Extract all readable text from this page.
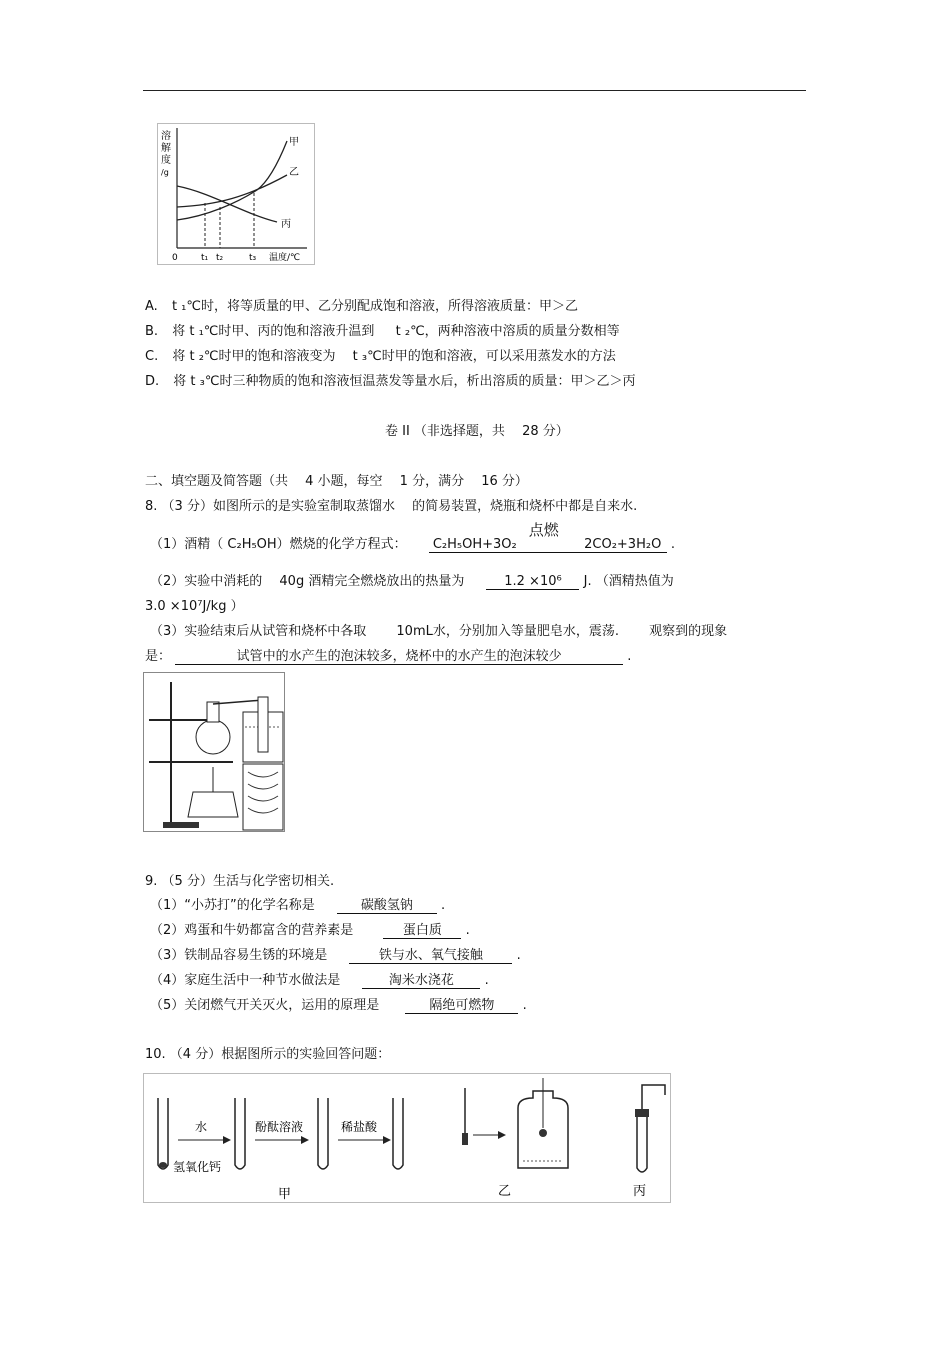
溶
解
度
/g
甲
乙
丙
0	t₁ t₂	t₃ 温度/℃
A. t ₁℃时，将等质量的甲、乙分别配成饱和溶液，所得溶液质量：甲＞乙
B. 将 t ₁℃时甲、丙的饱和溶液升温到 　 t ₂℃，两种溶液中溶质的质量分数相等
C. 将 t ₂℃时甲的饱和溶液变为 　t ₃℃时甲的饱和溶液，可以采用蒸发水的方法
D. 将 t ₃℃时三种物质的饱和溶液恒温蒸发等量水后，析出溶质的质量：甲＞乙＞丙
卷 II （非选择题，共 　28 分）
二、填空题及简答题（共 　4 小题，每空 　1 分，满分 　16 分）
8. （3 分）如图所示的是实验室制取蒸馏水 　的简易装置，烧瓶和烧杯中都是自来水.
（1）酒精（ C₂H₅OH）燃烧的化学方程式： C₂H₅OH+3O₂
点燃
2CO₂+3H₂O .
（2）实验中消耗的 　40g 酒精完全燃烧放出的热量为	1.2 ×10⁶ J. （酒精热值为
3.0 ×10⁷J/kg ）
（3）实验结束后从试管和烧杯中各取 　　10mL水，分别加入等量肥皂水，震荡. 　　观察到的现象
是：	试管中的水产生的泡沫较多，烧杯中的水产生的泡沫较少	.
9. （5 分）生活与化学密切相关.
（1）“小苏打”的化学名称是	碳酸氢钠 .
（2）鸡蛋和牛奶都富含的营养素是	蛋白质 .
（3）铁制品容易生锈的环境是	铁与水、氧气接触	.
（4）家庭生活中一种节水做法是	淘米水浇花 .
（5）关闭燃气开关灭火，运用的原理是	隔绝可燃物 .
10. （4 分）根据图所示的实验回答问题：
水
氢氧化钙
酚酞溶液	稀盐酸
甲	乙	丙
